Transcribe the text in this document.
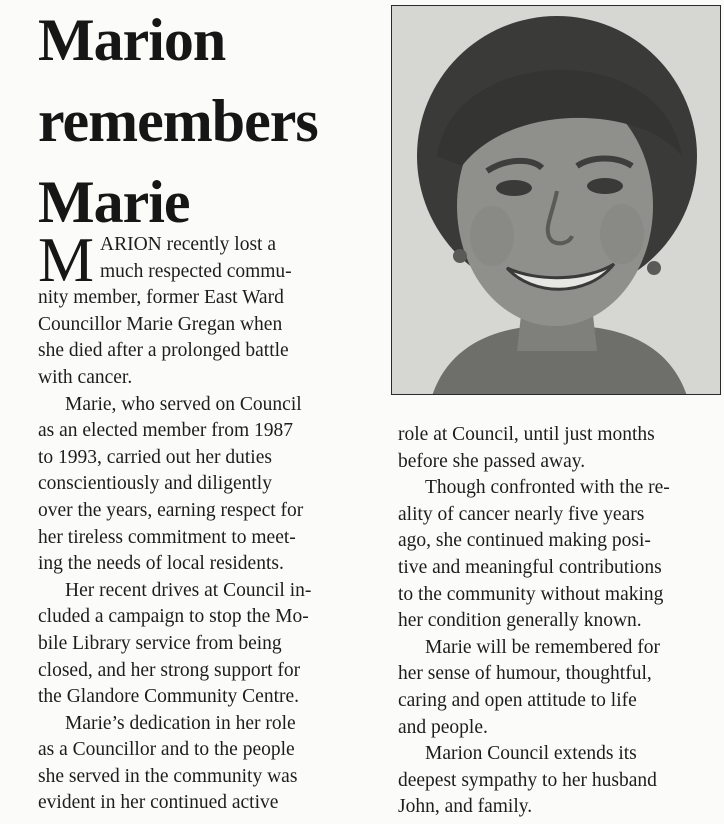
Marion
remembers
Marie
M ARION recently lost a
much respected commu-
nity member, former East Ward
Councillor Marie Gregan when
she died after a prolonged battle
with cancer.
Marie, who served on Council
as an elected member from 1987
to 1993, carried out her duties
conscientiously and diligently
over the years, earning respect for
her tireless commitment to meet-
ing the needs of local residents.
Her recent drives at Council in-
cluded a campaign to stop the Mo-
bile Library service from being
closed, and her strong support for
the Glandore Community Centre.
Marie’s dedication in her role
as a Councillor and to the people
she served in the community was
evident in her continued active
role at Council, until just months
before she passed away.
Though confronted with the re-
ality of cancer nearly five years
ago, she continued making posi-
tive and meaningful contributions
to the community without making
her condition generally known.
Marie will be remembered for
her sense of humour, thoughtful,
caring and open attitude to life
and people.
Marion Council extends its
deepest sympathy to her husband
John, and family.
